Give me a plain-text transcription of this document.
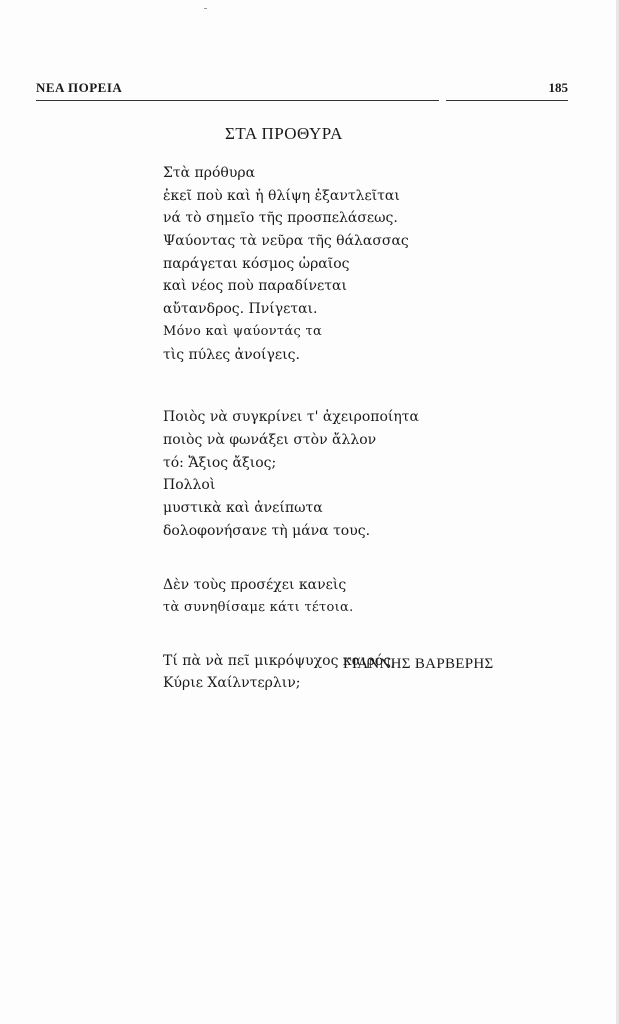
ΝΕΑ ΠΟΡΕΙΑ	185
ΣΤΑ ΠΡΟΘΥΡΑ
Στὰ πρόθυρα
ἐκεῖ ποὺ καὶ ἡ θλίψη ἐξαντλεῖται
νά τὸ σημεῖο τῆς προσπελάσεως.
Ψαύοντας τὰ νεῦρα τῆς θάλασσας
παράγεται κόσμος ὡραῖος
καὶ νέος ποὺ παραδίνεται
αὔτανδρος. Πνίγεται.
Μόνο καὶ ψαύοντάς τα
τὶς πύλες ἀνοίγεις.
Ποιὸς νὰ συγκρίνει τ' ἀχειροποίητα
ποιὸς νὰ φωνάξει στὸν ἄλλον
τό: Ἄξιος ἄξιος;
Πολλοὶ
μυστικὰ καὶ ἀνείπωτα
δολοφονήσανε τὴ μάνα τους.
Δὲν τοὺς προσέχει κανεὶς
τὰ συνηθίσαμε κάτι τέτοια.
Τί πὰ νὰ πεῖ μικρόψυχος καιρός,
Κύριε Χαίλντερλιν;
ΓΙΑΝΝΗΣ ΒΑΡΒΕΡΗΣ
